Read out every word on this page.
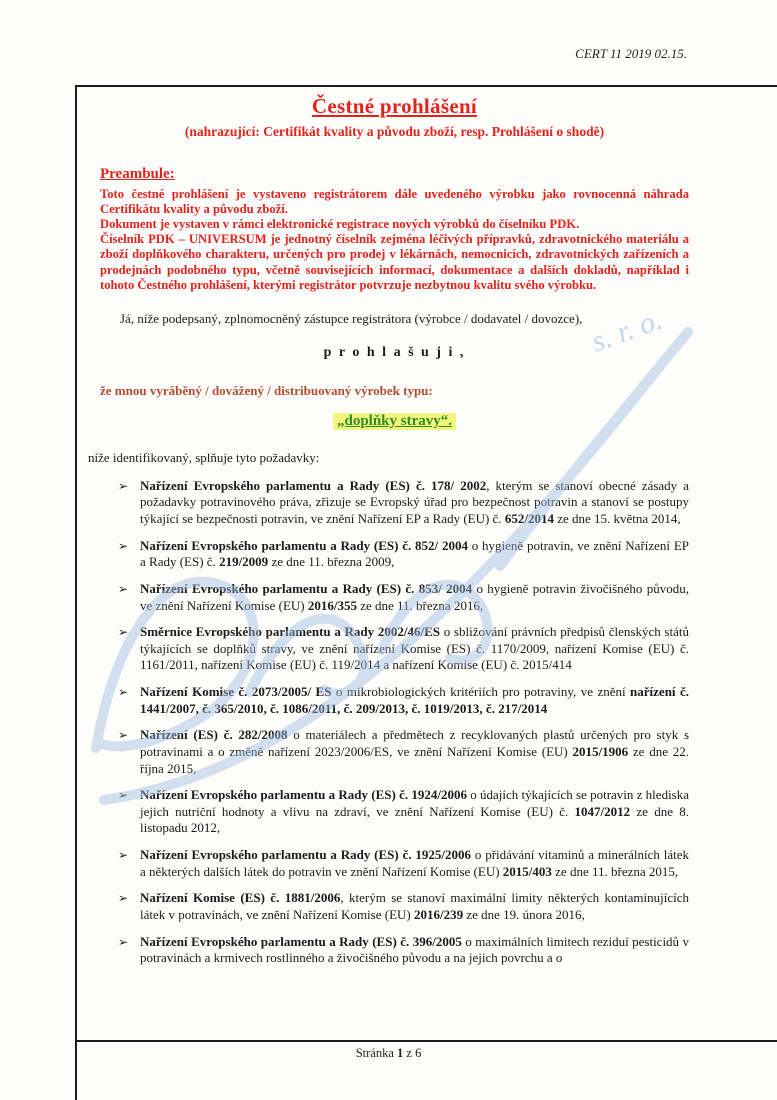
CERT 11 2019 02.15.
Čestné prohlášení
(nahrazující: Certifikát kvality a původu zboží, resp. Prohlášení o shodě)
Preambule:

Toto čestné prohlášení je vystaveno registrátorem dále uvedeného výrobku jako rovnocenná náhrada Certifikátu kvality a původu zboží.

Dokument je vystaven v rámci elektronické registrace nových výrobků do číselníku PDK.

Číselník PDK – UNIVERSUM je jednotný číselník zejména léčivých přípravků, zdravotnického materiálu a zboží doplňkového charakteru, určených pro prodej v lékárnách, nemocnicích, zdravotnických zařízeních a prodejnách podobného typu, včetně souvisejících informací, dokumentace a dalších dokladů, například i tohoto Čestného prohlášení, kterými registrátor potvrzuje nezbytnou kvalitu svého výrobku.

Já, níže podepsaný, zplnomocněný zástupce registrátora (výrobce / dodavatel / dovozce),

p r o h l a š u j i ,

že mnou vyráběný / dovážený / distribuovaný výrobek typu:

„doplňky stravy“.

níže identifikovaný, splňuje tyto požadavky:

➢ Nařízení Evropského parlamentu a Rady (ES) č. 178/ 2002, kterým se stanoví obecné zásady a požadavky potravinového práva, zřizuje se Evropský úřad pro bezpečnost potravin a stanoví se postupy týkající se bezpečnosti potravin, ve znění Nařízení EP a Rady (EU) č. 652/2014 ze dne 15. května 2014,
➢ Nařízení Evropského parlamentu a Rady (ES) č. 852/ 2004 o hygieně potravin, ve znění Nařízení EP a Rady (ES) č. 219/2009 ze dne 11. března 2009,
➢ Nařízení Evropského parlamentu a Rady (ES) č. 853/ 2004 o hygieně potravin živočišného původu, ve znění Nařízení Komise (EU) 2016/355 ze dne 11. března 2016,
➢ Směrnice Evropského parlamentu a Rady 2002/46/ES o sbližování právních předpisů členských států týkajících se doplňků stravy, ve znění nařízení Komise (ES) č. 1170/2009, nařízení Komise (EU) č. 1161/2011, nařízení Komise (EU) č. 119/2014 a nařízení Komise (EU) č. 2015/414
➢ Nařízení Komise č. 2073/2005/ ES o mikrobiologických kritériích pro potraviny, ve znění nařízení č. 1441/2007, č. 365/2010, č. 1086/2011, č. 209/2013, č. 1019/2013, č. 217/2014
➢ Nařízení (ES) č. 282/2008 o materiálech a předmětech z recyklovaných plastů určených pro styk s potravinami a o změně nařízení 2023/2006/ES, ve znění Nařízení Komise (EU) 2015/1906 ze dne 22. října 2015,
➢ Nařízení Evropského parlamentu a Rady (ES) č. 1924/2006 o údajích týkajících se potravin z hlediska jejich nutriční hodnoty a vlivu na zdraví, ve znění Nařízení Komise (EU) č. 1047/2012 ze dne 8. listopadu 2012,
➢ Nařízení Evropského parlamentu a Rady (ES) č. 1925/2006 o přidávání vitaminů a minerálních látek a některých dalších látek do potravin ve znění Nařízení Komise (EU) 2015/403 ze dne 11. března 2015,
➢ Nařízení Komise (ES) č. 1881/2006, kterým se stanoví maximální limity některých kontaminujících látek v potravinách, ve znění Nařízení Komise (EU) 2016/239 ze dne 19. února 2016,
➢ Nařízení Evropského parlamentu a Rady (ES) č. 396/2005 o maximálních limitech reziduí pesticidů v potravinách a krmivech rostlinného a živočišného původu a na jejich povrchu a o
Stránka 1 z 6
s. r. o.
